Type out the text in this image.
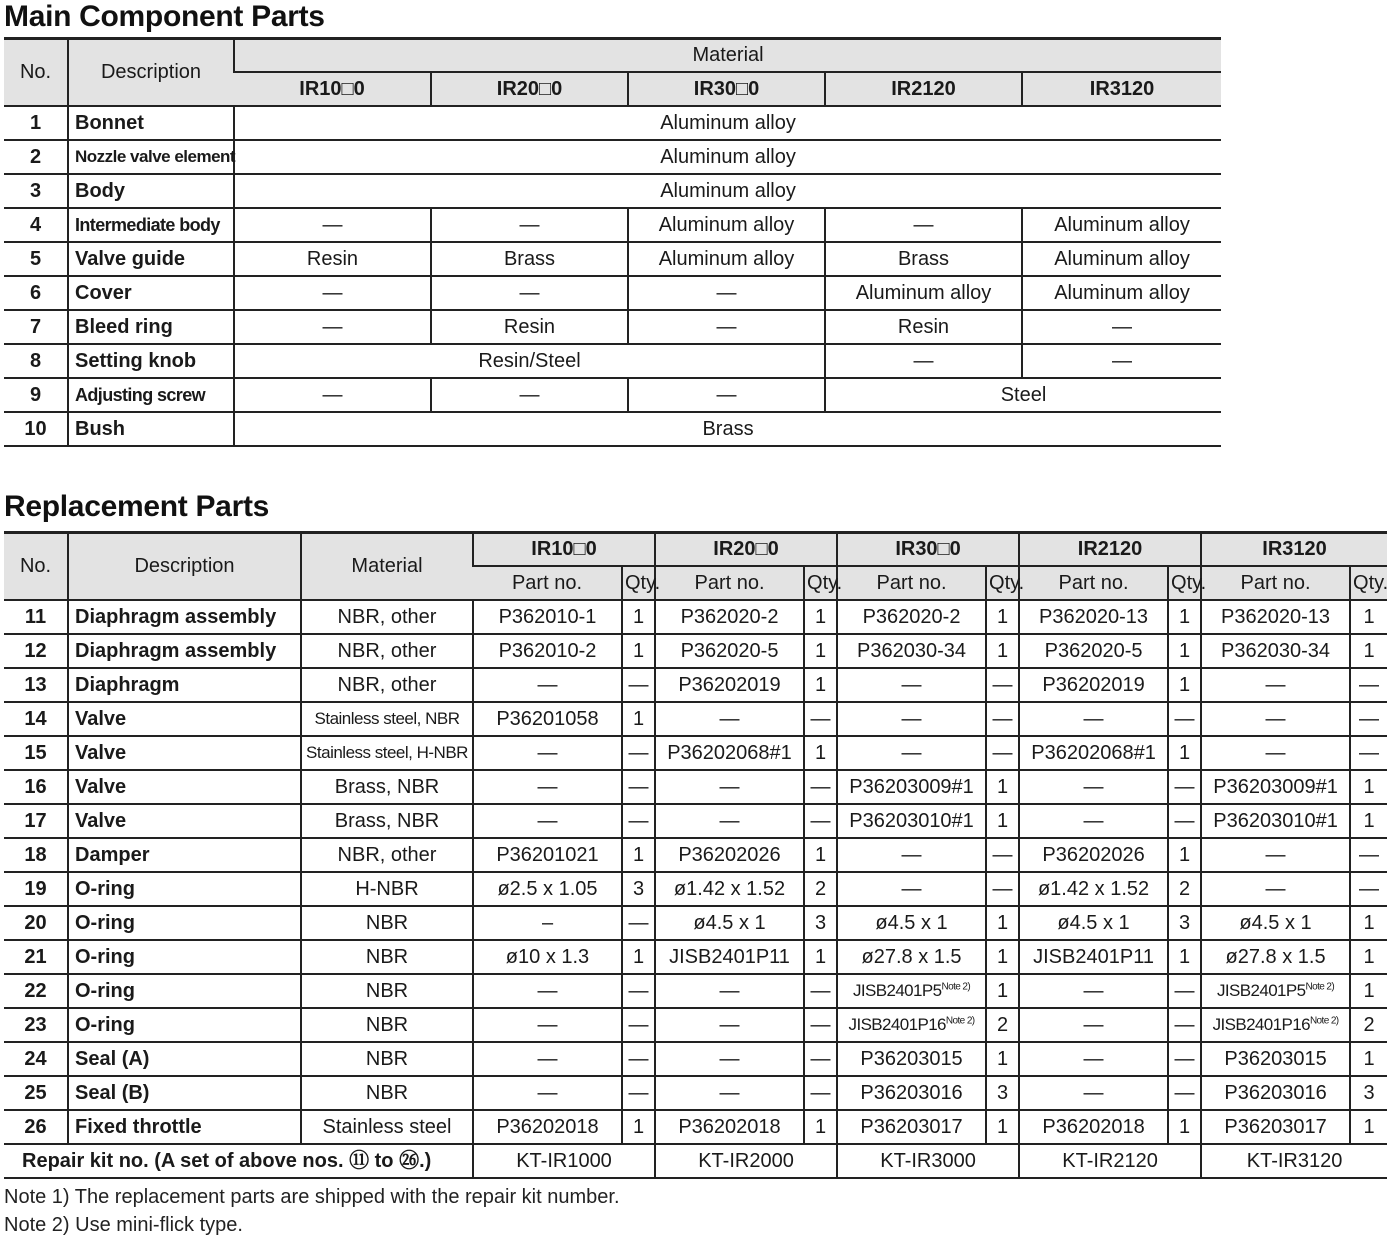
Main Component Parts
No.	Description	Material				
		IR10□0	IR20□0	IR30□0	IR2120	IR3120
1	Bonnet	Aluminum alloy				
2	Nozzle valve element	Aluminum alloy				
3	Body	Aluminum alloy				
4	Intermediate body	—	—	Aluminum alloy	—	Aluminum alloy
5	Valve guide	Resin	Brass	Aluminum alloy	Brass	Aluminum alloy
6	Cover	—	—	—	Aluminum alloy	Aluminum alloy
7	Bleed ring	—	Resin	—	Resin	—
8	Setting knob	Resin/Steel			—	—
9	Adjusting screw	—	—	—	Steel	
10	Bush	Brass				
Replacement Parts
No.	Description	Material	IR10□0		IR20□0		IR30□0		IR2120		IR3120	
			Part no.	Qty.	Part no.	Qty.	Part no.	Qty.	Part no.	Qty.	Part no.	Qty.
11	Diaphragm assembly	NBR, other	P362010-1	1	P362020-2	1	P362020-2	1	P362020-13	1	P362020-13	1
12	Diaphragm assembly	NBR, other	P362010-2	1	P362020-5	1	P362030-34	1	P362020-5	1	P362030-34	1
13	Diaphragm	NBR, other	—	—	P36202019	1	—	—	P36202019	1	—	—
14	Valve	Stainless steel, NBR	P36201058	1	—	—	—	—	—	—	—	—
15	Valve	Stainless steel, H-NBR	—	—	P36202068#1	1	—	—	P36202068#1	1	—	—
16	Valve	Brass, NBR	—	—	—	—	P36203009#1	1	—	—	P36203009#1	1
17	Valve	Brass, NBR	—	—	—	—	P36203010#1	1	—	—	P36203010#1	1
18	Damper	NBR, other	P36201021	1	P36202026	1	—	—	P36202026	1	—	—
19	O-ring	H-NBR	ø2.5 x 1.05	3	ø1.42 x 1.52	2	—	—	ø1.42 x 1.52	2	—	—
20	O-ring	NBR	–	—	ø4.5 x 1	3	ø4.5 x 1	1	ø4.5 x 1	3	ø4.5 x 1	1
21	O-ring	NBR	ø10 x 1.3	1	JISB2401P11	1	ø27.8 x 1.5	1	JISB2401P11	1	ø27.8 x 1.5	1
22	O-ring	NBR	—	—	—	—	$JISB2401P5^{Note 2)}$	1	—	—	$JISB2401P5^{Note 2)}$	1
23	O-ring	NBR	—	—	—	—	$JISB2401P16^{Note 2)}$	2	—	—	$JISB2401P16^{Note 2)}$	2
24	Seal (A)	NBR	—	—	—	—	P36203015	1	—	—	P36203015	1
25	Seal (B)	NBR	—	—	—	—	P36203016	3	—	—	P36203016	3
26	Fixed throttle	Stainless steel	P36202018	1	P36202018	1	P36203017	1	P36202018	1	P36203017	1
Repair kit no. (A set of above nos. ⑪ to ㉖.)			KT-IR1000		KT-IR2000		KT-IR3000		KT-IR2120		KT-IR3120	
Note 1) The replacement parts are shipped with the repair kit number.
Note 2) Use mini-flick type.
